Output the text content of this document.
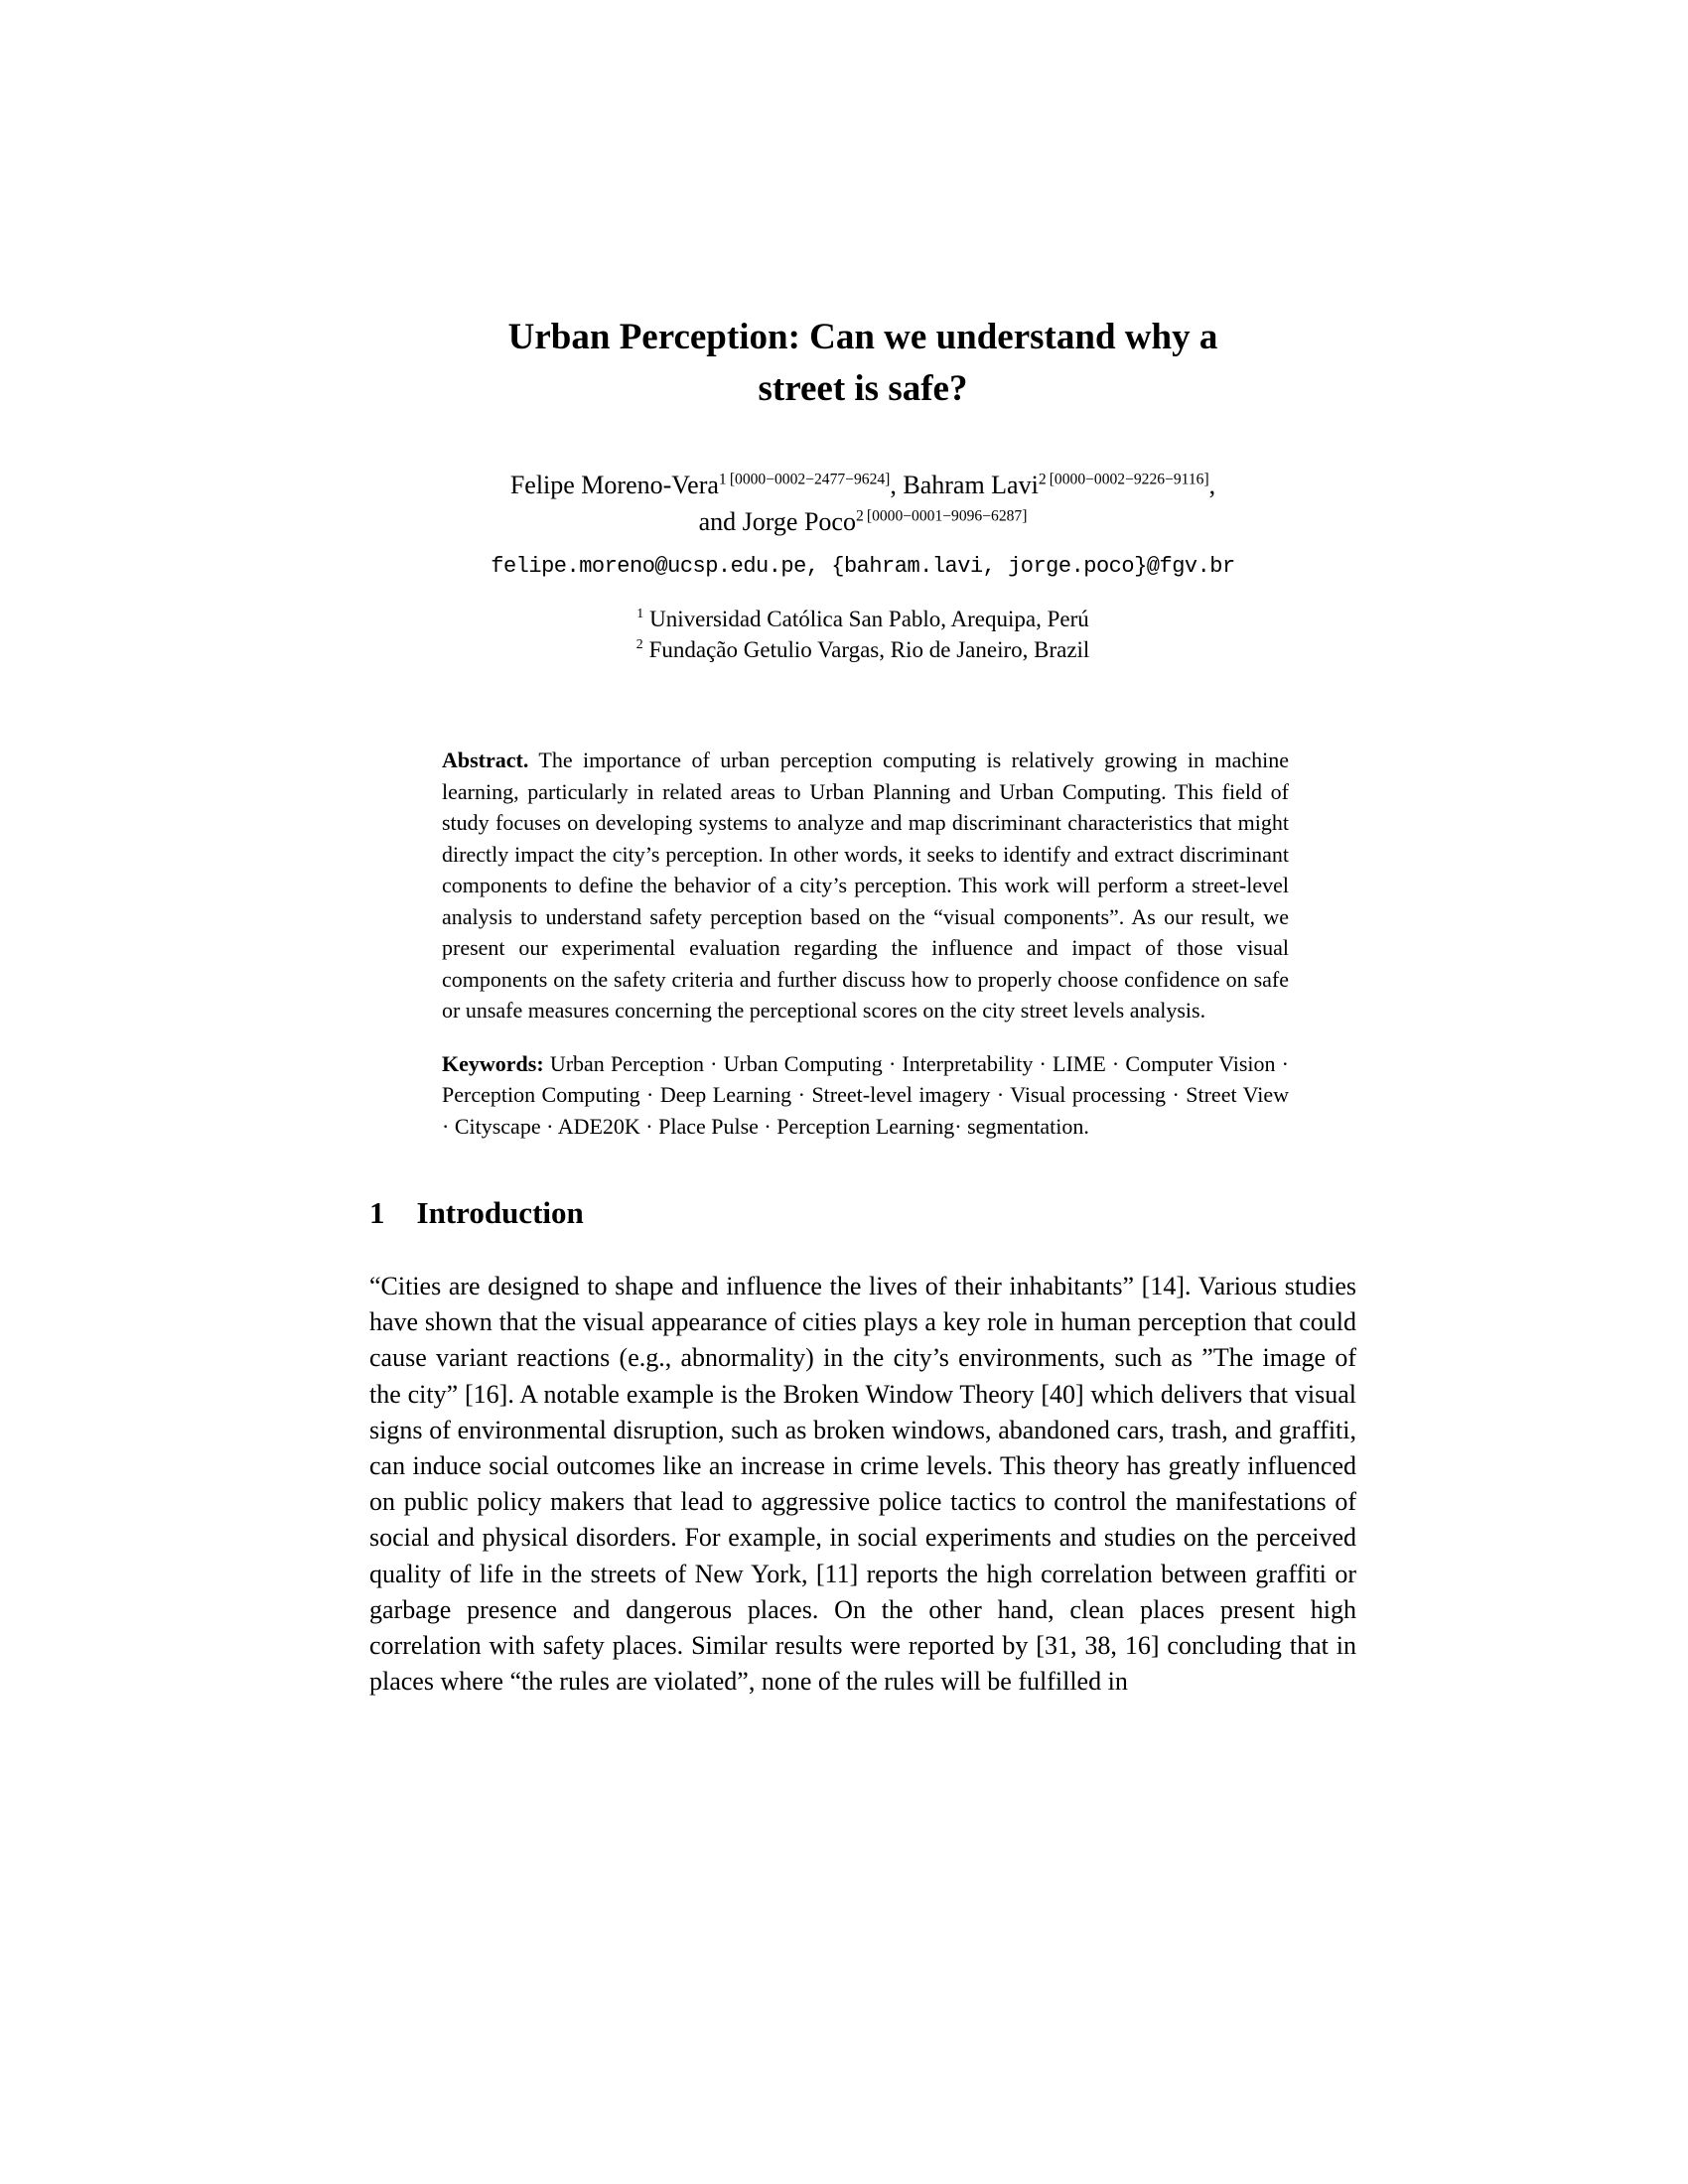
Urban Perception: Can we understand why a
street is safe?
Felipe Moreno-Vera$^{1 [0000-0002-2477-9624]}$, Bahram Lavi$^{2 [0000-0002-9226-9116]}$,
and Jorge Poco$^{2 [0000-0001-9096-6287]}$
felipe.moreno@ucsp.edu.pe, {bahram.lavi, jorge.poco}@fgv.br
$^1$ Universidad Católica San Pablo, Arequipa, Perú
$^2$ Fundação Getulio Vargas, Rio de Janeiro, Brazil

Abstract. The importance of urban perception computing is relatively growing in machine learning, particularly in related areas to Urban Planning and Urban Computing. This field of study focuses on developing systems to analyze and map discriminant characteristics that might directly impact the city’s perception. In other words, it seeks to identify and extract discriminant components to define the behavior of a city’s perception. This work will perform a street-level analysis to understand safety perception based on the “visual components”. As our result, we present our experimental evaluation regarding the influence and impact of those visual components on the safety criteria and further discuss how to properly choose confidence on safe or unsafe measures concerning the perceptional scores on the city street levels analysis.

Keywords: Urban Perception · Urban Computing · Interpretability · LIME · Computer Vision · Perception Computing · Deep Learning · Street-level imagery · Visual processing · Street View · Cityscape · ADE20K · Place Pulse · Perception Learning· segmentation.

1 Introduction

“Cities are designed to shape and influence the lives of their inhabitants” [14]. Various studies have shown that the visual appearance of cities plays a key role in human perception that could cause variant reactions (e.g., abnormality) in the city’s environments, such as ”The image of the city” [16]. A notable example is the Broken Window Theory [40] which delivers that visual signs of environmental disruption, such as broken windows, abandoned cars, trash, and graffiti, can induce social outcomes like an increase in crime levels. This theory has greatly influenced on public policy makers that lead to aggressive police tactics to control the manifestations of social and physical disorders. For example, in social experiments and studies on the perceived quality of life in the streets of New York, [11] reports the high correlation between graffiti or garbage presence and dangerous places. On the other hand, clean places present high correlation with safety places. Similar results were reported by [31, 38, 16] concluding that in places where “the rules are violated”, none of the rules will be fulfilled in
